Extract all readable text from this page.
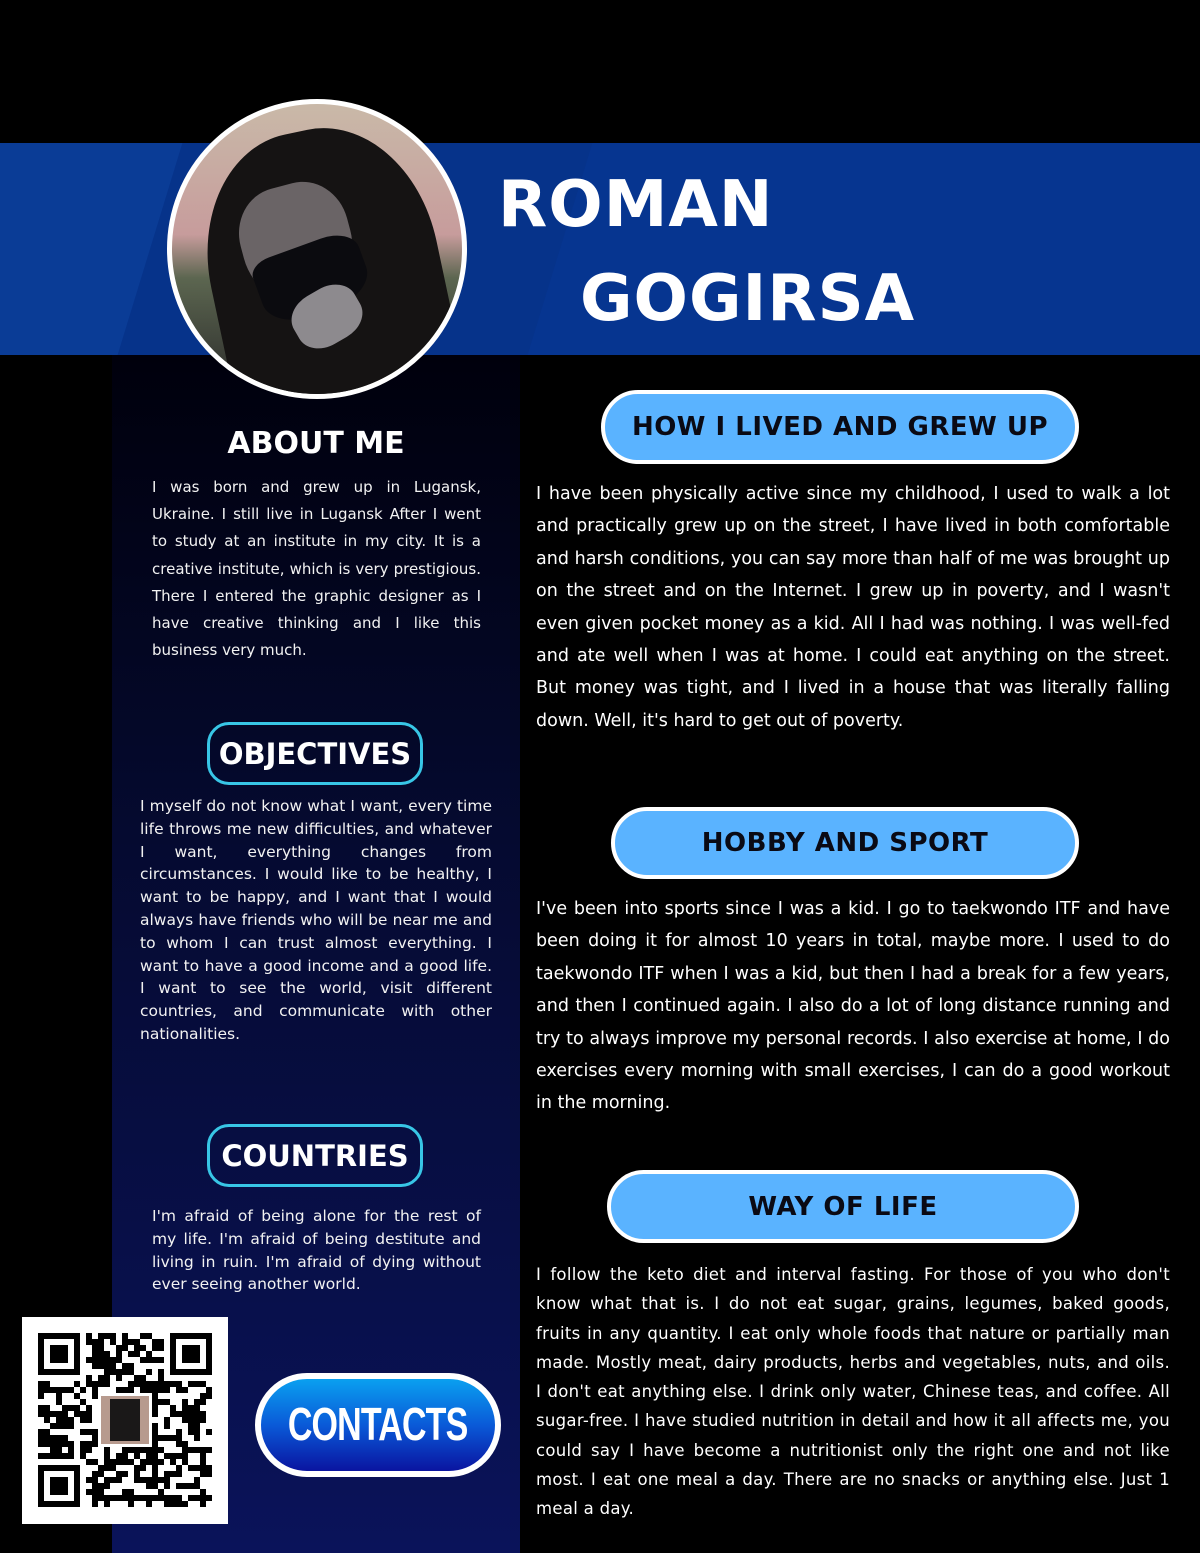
ROMAN
GOGIRSA
ABOUT ME

I was born and grew up in Lugansk, Ukraine. I still live in Lugansk After I went to study at an institute in my city. It is a creative institute, which is very prestigious. There I entered the graphic designer as I have creative thinking and I like this business very much.

OBJECTIVES

I myself do not know what I want, every time life throws me new difficulties, and whatever I want, everything changes from circumstances. I would like to be healthy, I want to be happy, and I want that I would always have friends who will be near me and to whom I can trust almost everything. I want to have a good income and a good life. I want to see the world, visit different countries, and communicate with other nationalities.

COUNTRIES

I'm afraid of being alone for the rest of my life. I'm afraid of being destitute and living in ruin. I'm afraid of dying without ever seeing another world.

CONTACTS
HOW I LIVED AND GREW UP

I have been physically active since my childhood, I used to walk a lot and practically grew up on the street, I have lived in both comfortable and harsh conditions, you can say more than half of me was brought up on the street and on the Internet. I grew up in poverty, and I wasn't even given pocket money as a kid. All I had was nothing. I was well-fed and ate well when I was at home. I could eat anything on the street. But money was tight, and I lived in a house that was literally falling down. Well, it's hard to get out of poverty.

HOBBY AND SPORT

I've been into sports since I was a kid. I go to taekwondo ITF and have been doing it for almost 10 years in total, maybe more. I used to do taekwondo ITF when I was a kid, but then I had a break for a few years, and then I continued again. I also do a lot of long distance running and try to always improve my personal records. I also exercise at home, I do exercises every morning with small exercises, I can do a good workout in the morning.

WAY OF LIFE

I follow the keto diet and interval fasting. For those of you who don't know what that is. I do not eat sugar, grains, legumes, baked goods, fruits in any quantity. I eat only whole foods that nature or partially man made. Mostly meat, dairy products, herbs and vegetables, nuts, and oils. I don't eat anything else. I drink only water, Chinese teas, and coffee. All sugar-free. I have studied nutrition in detail and how it all affects me, you could say I have become a nutritionist only the right one and not like most. I eat one meal a day. There are no snacks or anything else. Just 1 meal a day.
